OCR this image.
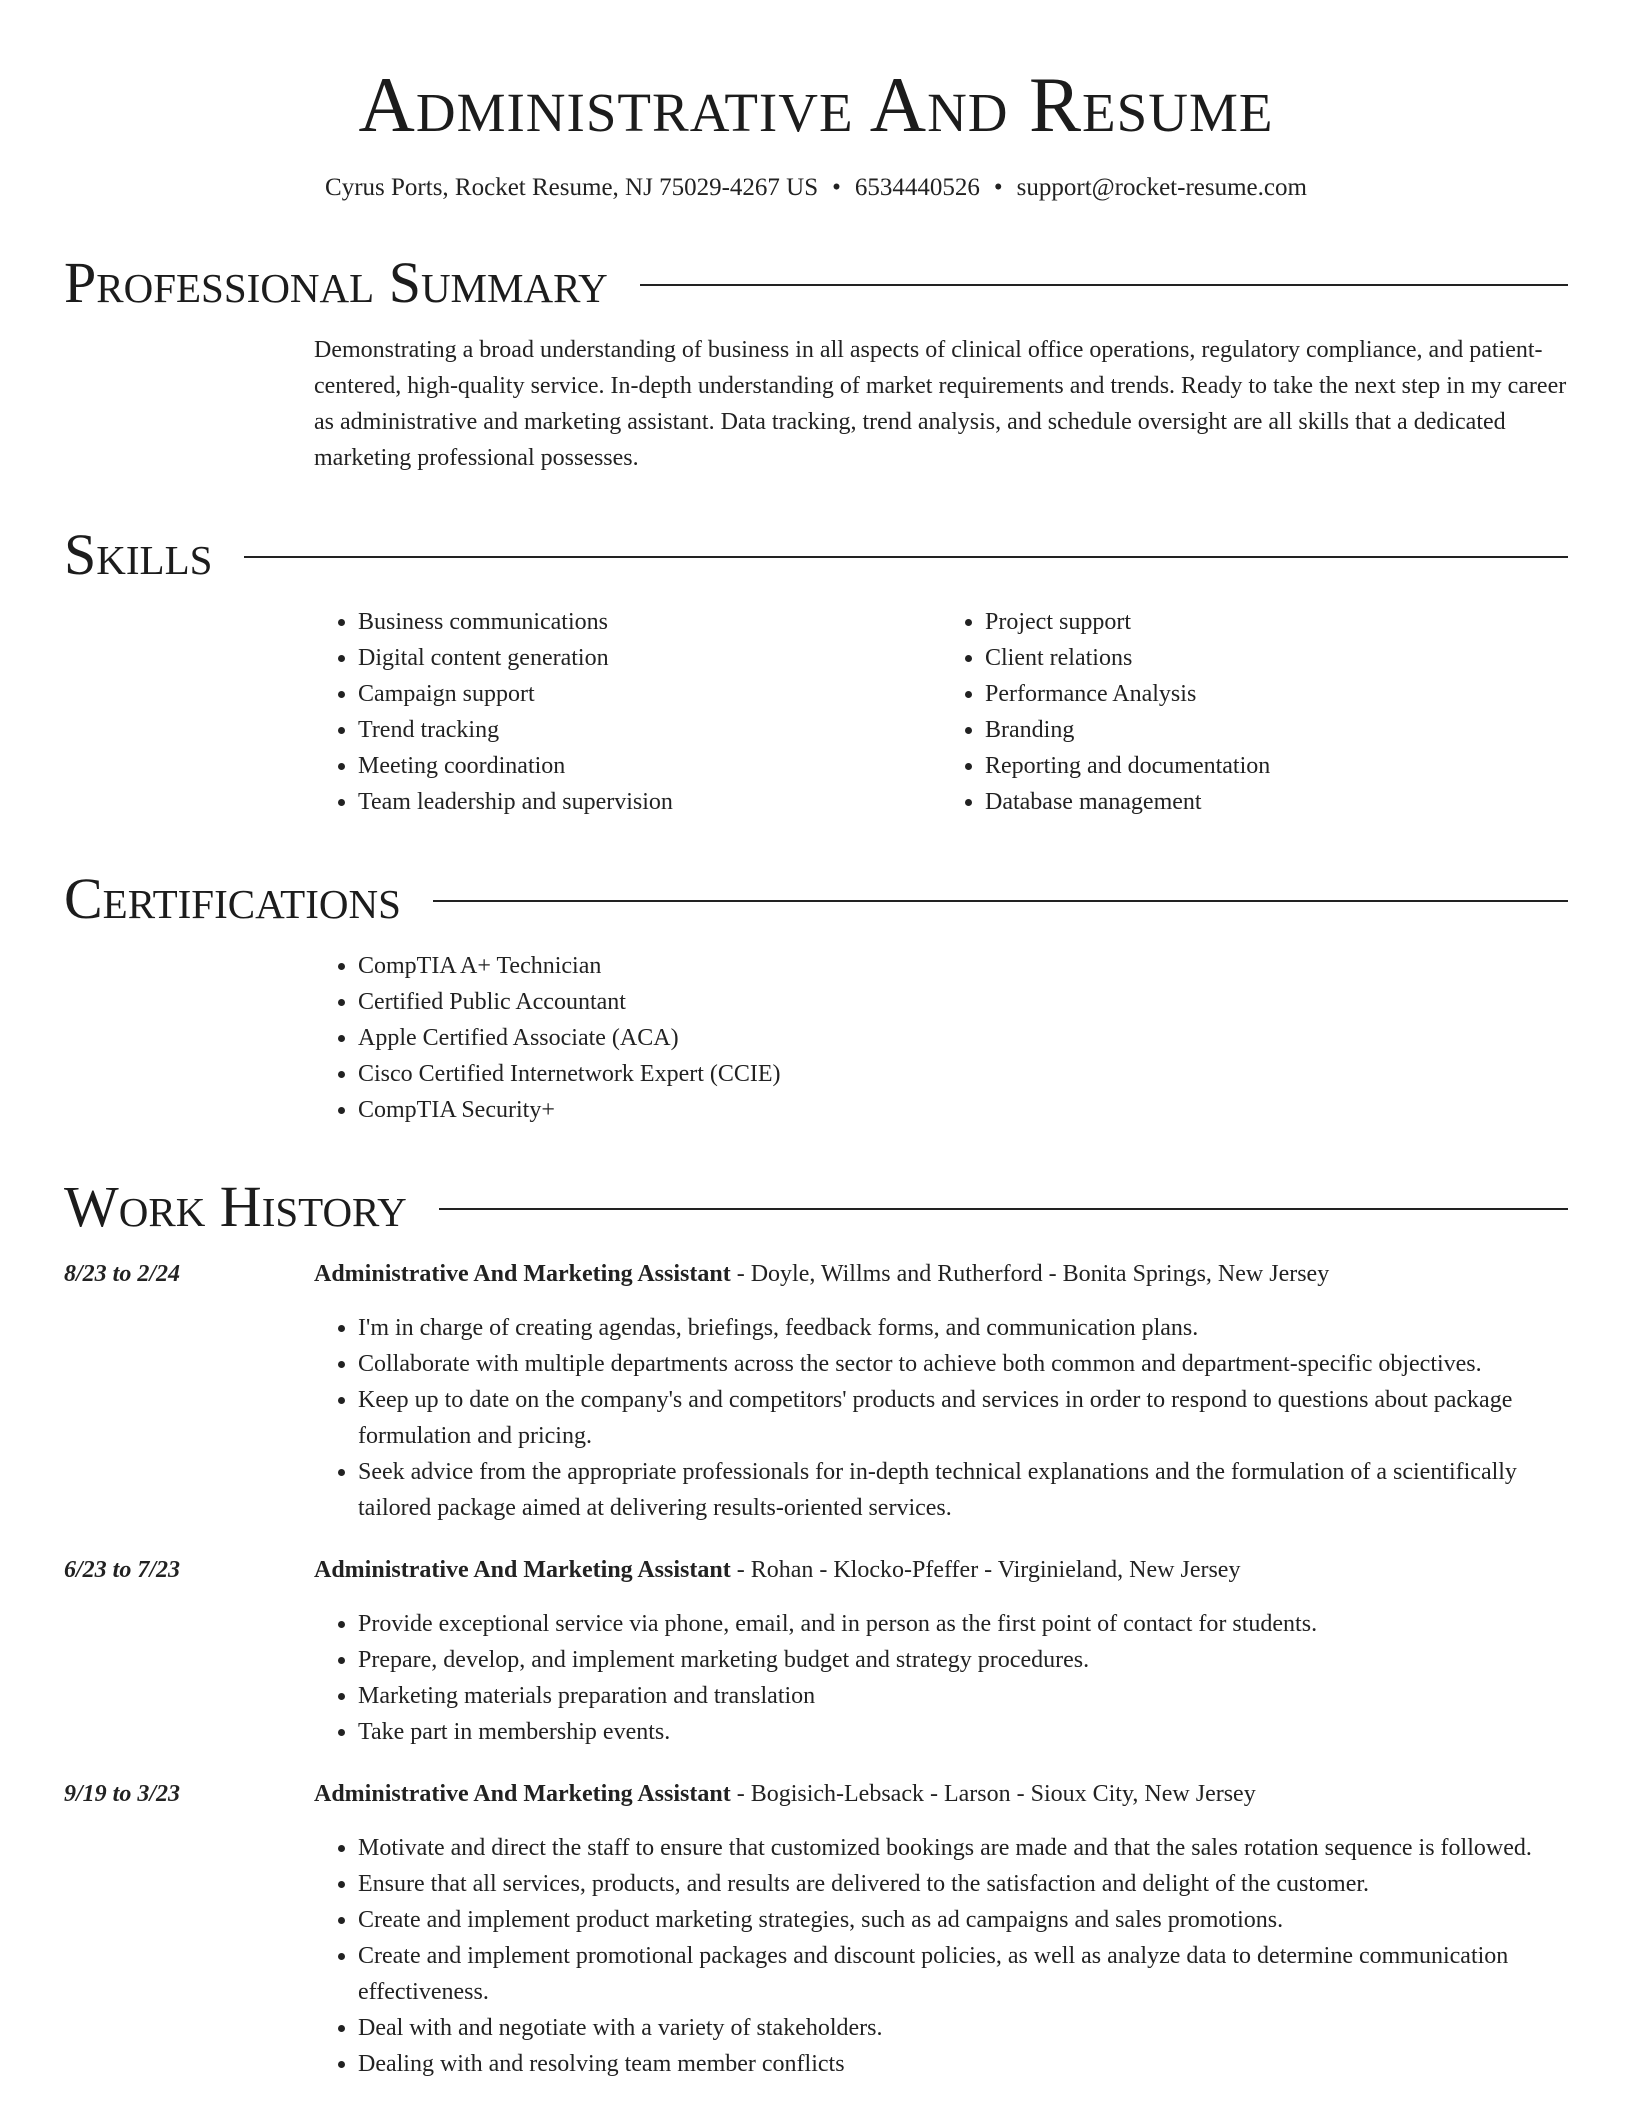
Administrative And Resume
Cyrus Ports, Rocket Resume, NJ 75029-4267 US • 6534440526 • support@rocket-resume.com
Professional Summary

Demonstrating a broad understanding of business in all aspects of clinical office operations, regulatory compliance, and patient-centered, high-quality service. In-depth understanding of market requirements and trends. Ready to take the next step in my career as administrative and marketing assistant. Data tracking, trend analysis, and schedule oversight are all skills that a dedicated marketing professional possesses.

Skills
• Business communications
• Digital content generation
• Campaign support
• Trend tracking
• Meeting coordination
• Team leadership and supervision
• Project support
• Client relations
• Performance Analysis
• Branding
• Reporting and documentation
• Database management
Certifications
• CompTIA A+ Technician
• Certified Public Accountant
• Apple Certified Associate (ACA)
• Cisco Certified Internetwork Expert (CCIE)
• CompTIA Security+
Work History
8/23 to 2/24	Administrative And Marketing Assistant - Doyle, Willms and Rutherford - Bonita Springs, New Jersey
• I'm in charge of creating agendas, briefings, feedback forms, and communication plans.
• Collaborate with multiple departments across the sector to achieve both common and department-specific objectives.
• Keep up to date on the company's and competitors' products and services in order to respond to questions about package formulation and pricing.
• Seek advice from the appropriate professionals for in-depth technical explanations and the formulation of a scientifically tailored package aimed at delivering results-oriented services.
6/23 to 7/23	Administrative And Marketing Assistant - Rohan - Klocko-Pfeffer - Virginieland, New Jersey
• Provide exceptional service via phone, email, and in person as the first point of contact for students.
• Prepare, develop, and implement marketing budget and strategy procedures.
• Marketing materials preparation and translation
• Take part in membership events.
9/19 to 3/23	Administrative And Marketing Assistant - Bogisich-Lebsack - Larson - Sioux City, New Jersey
• Motivate and direct the staff to ensure that customized bookings are made and that the sales rotation sequence is followed.
• Ensure that all services, products, and results are delivered to the satisfaction and delight of the customer.
• Create and implement product marketing strategies, such as ad campaigns and sales promotions.
• Create and implement promotional packages and discount policies, as well as analyze data to determine communication effectiveness.
• Deal with and negotiate with a variety of stakeholders.
• Dealing with and resolving team member conflicts
